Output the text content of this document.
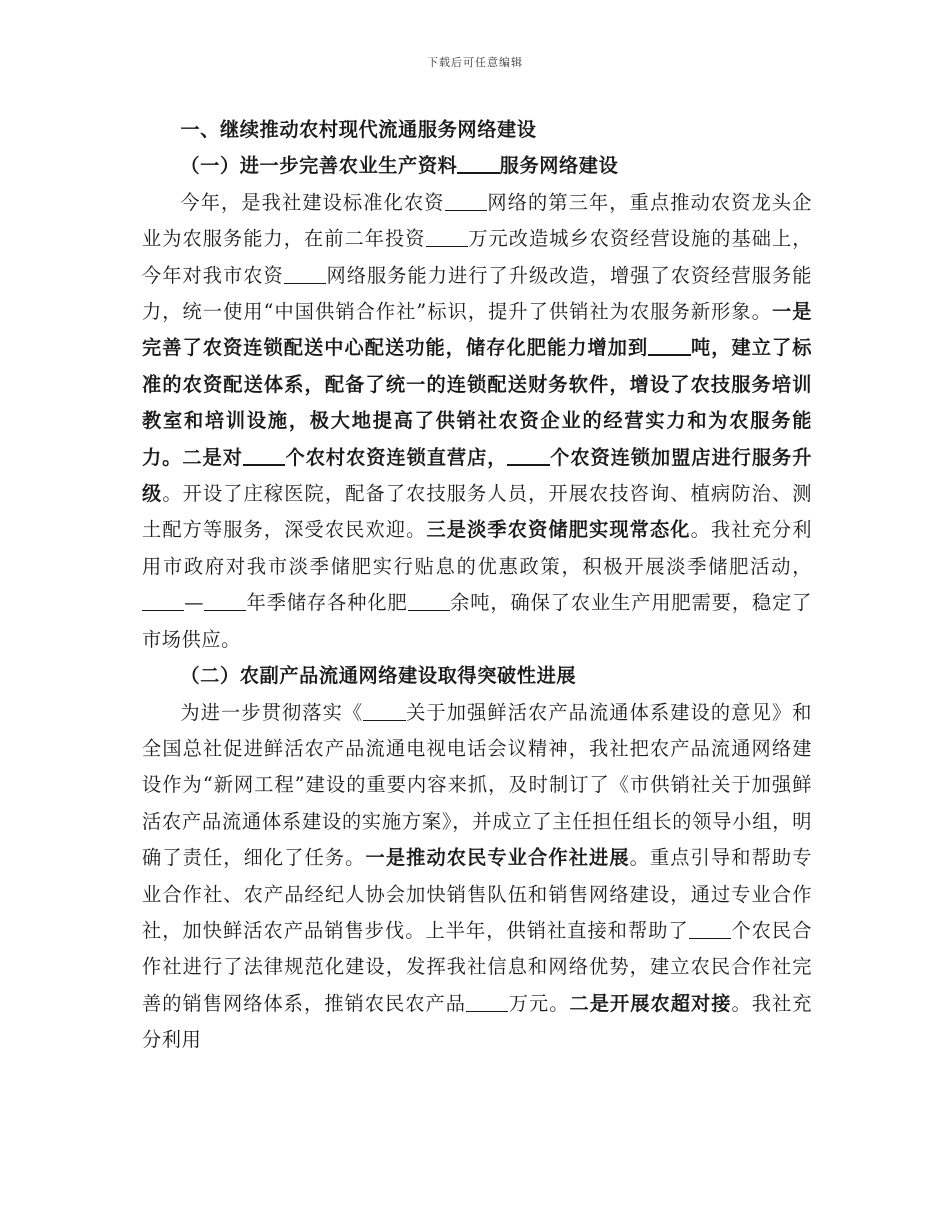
下载后可任意编辑

一、继续推动农村现代流通服务网络建设

（一）进一步完善农业生产资料 服务网络建设

今年，是我社建设标准化农资 网络的第三年，重点推动农资龙头企业为农服务能力，在前二年投资 万元改造城乡农资经营设施的基础上，今年对我市农资 网络服务能力进行了升级改造，增强了农资经营服务能力，统一使用“中国供销合作社”标识，提升了供销社为农服务新形象。一是完善了农资连锁配送中心配送功能，储存化肥能力增加到 吨，建立了标准的农资配送体系，配备了统一的连锁配送财务软件，增设了农技服务培训教室和培训设施，极大地提高了供销社农资企业的经营实力和为农服务能力。二是对 个农村农资连锁直营店， 个农资连锁加盟店进行服务升级。开设了庄稼医院，配备了农技服务人员，开展农技咨询、植病防治、测土配方等服务，深受农民欢迎。三是淡季农资储肥实现常态化。我社充分利用市政府对我市淡季储肥实行贴息的优惠政策，积极开展淡季储肥活动，— 年季储存各种化肥 余吨，确保了农业生产用肥需要，稳定了市场供应。

（二）农副产品流通网络建设取得突破性进展

为进一步贯彻落实《 关于加强鲜活农产品流通体系建设的意见》和全国总社促进鲜活农产品流通电视电话会议精神，我社把农产品流通网络建设作为“新网工程”建设的重要内容来抓，及时制订了《市供销社关于加强鲜活农产品流通体系建设的实施方案》，并成立了主任担任组长的领导小组，明确了责任，细化了任务。一是推动农民专业合作社进展。重点引导和帮助专业合作社、农产品经纪人协会加快销售队伍和销售网络建设，通过专业合作社，加快鲜活农产品销售步伐。上半年，供销社直接和帮助了 个农民合作社进行了法律规范化建设，发挥我社信息和网络优势，建立农民合作社完善的销售网络体系，推销农民农产品 万元。二是开展农超对接。我社充分利用
